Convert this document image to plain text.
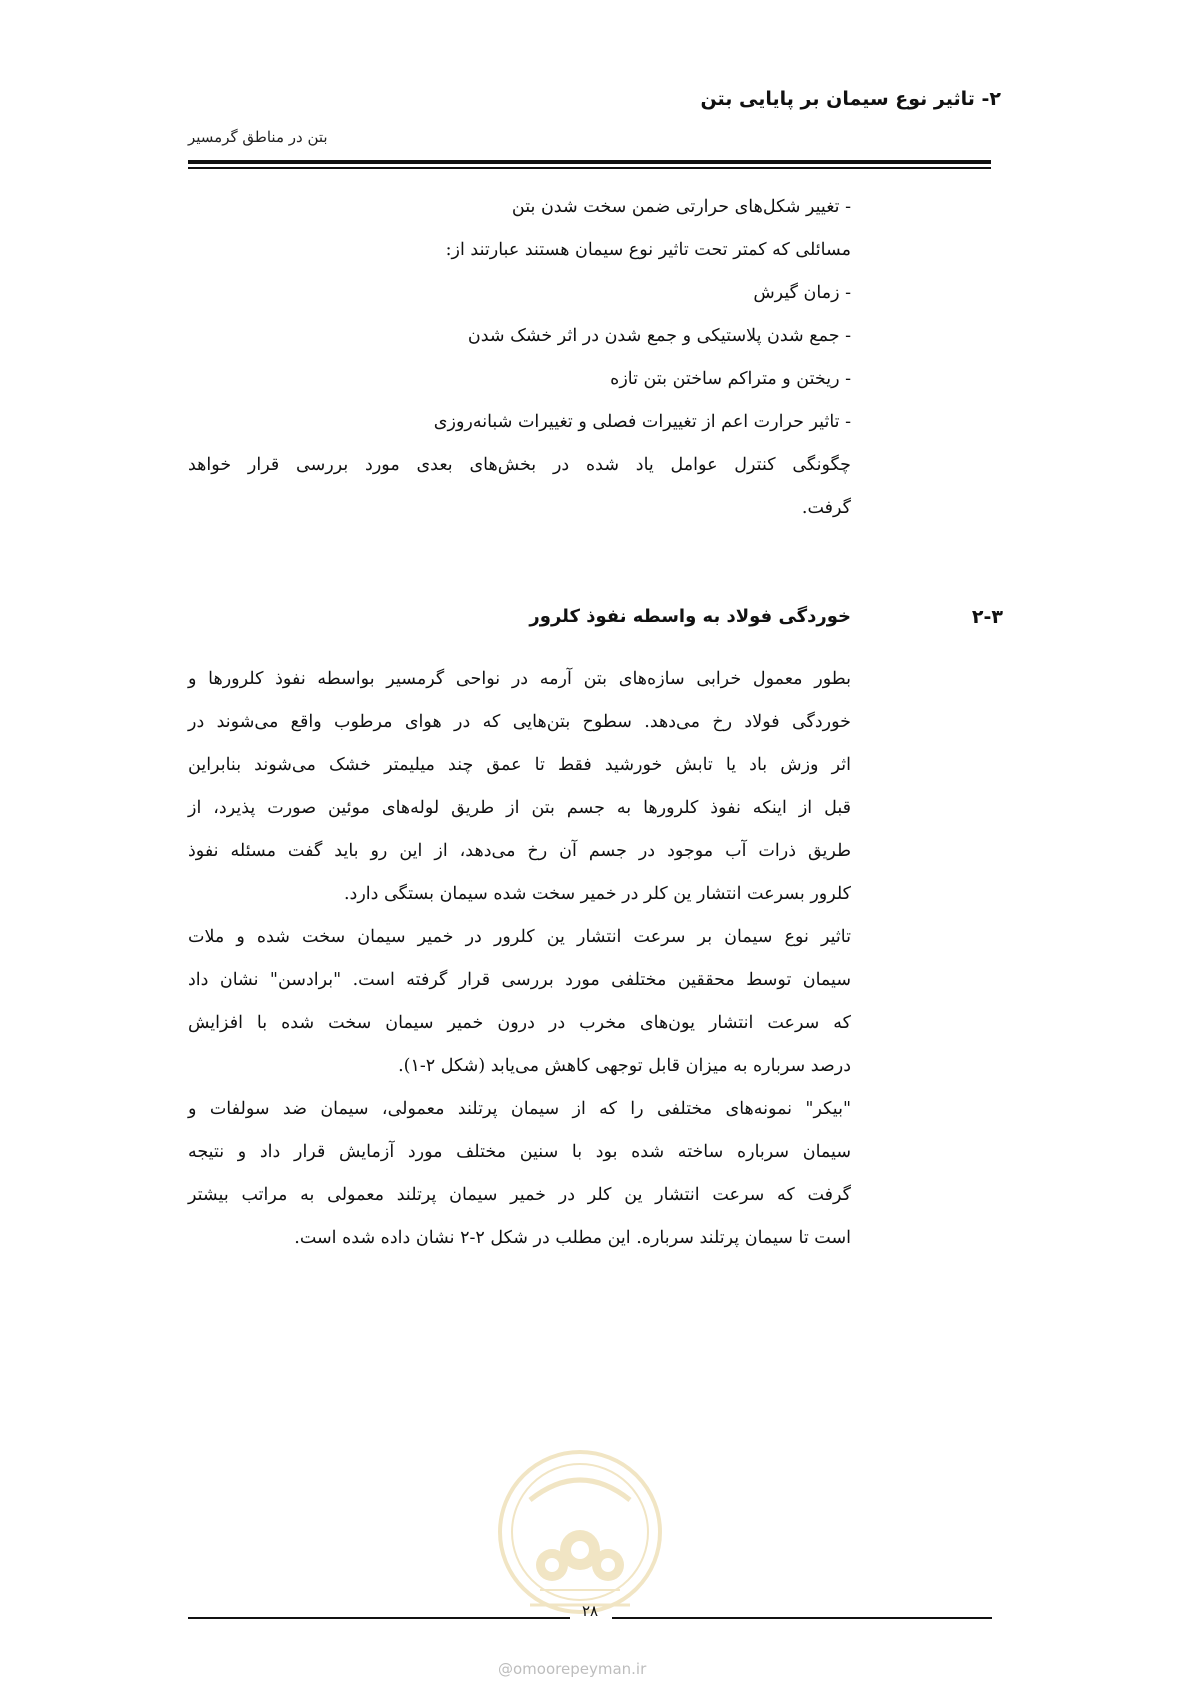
۲- تاثیر نوع سیمان بر پایایی بتن
بتن در مناطق گرمسیر
- تغییر شکل‌های حرارتی ضمن سخت شدن بتن
مسائلی که کمتر تحت تاثیر نوع سیمان هستند عبارتند از:
- زمان گیرش
- جمع شدن پلاستیکی و جمع شدن در اثر خشک شدن
- ریختن و متراکم ساختن بتن تازه
- تاثیر حرارت اعم از تغییرات فصلی و تغییرات شبانه‌روزی
چگونگی کنترل عوامل یاد شده در بخش‌های بعدی مورد بررسی قرار خواهد
گرفت.
۲-۳
خوردگی فولاد به واسطه نفوذ کلرور
بطور معمول خرابی سازه‌های بتن آرمه در نواحی گرمسیر بواسطه نفوذ کلرورها و
خوردگی فولاد رخ می‌دهد. سطوح بتن‌هایی که در هوای مرطوب واقع می‌شوند در
اثر وزش باد یا تابش خورشید فقط تا عمق چند میلیمتر خشک می‌شوند بنابراین
قبل از اینکه نفوذ کلرورها به جسم بتن از طریق لوله‌های موئین صورت پذیرد، از
طریق ذرات آب موجود در جسم آن رخ می‌دهد، از این رو باید گفت مسئله نفوذ
کلرور بسرعت انتشار ین کلر در خمیر سخت شده سیمان بستگی دارد.
تاثیر نوع سیمان بر سرعت انتشار ین کلرور در خمیر سیمان سخت شده و ملات
سیمان توسط محققین مختلفی مورد بررسی قرار گرفته است. "برادسن" نشان داد
که سرعت انتشار یون‌های مخرب در درون خمیر سیمان سخت شده با افزایش
درصد سرباره به میزان قابل توجهی کاهش می‌یابد (شکل ۲-۱).
"بیکر" نمونه‌های مختلفی را که از سیمان پرتلند معمولی، سیمان ضد سولفات و
سیمان سرباره ساخته شده بود با سنین مختلف مورد آزمایش قرار داد و نتیجه
گرفت که سرعت انتشار ین کلر در خمیر سیمان پرتلند معمولی به مراتب بیشتر
است تا سیمان پرتلند سرباره. این مطلب در شکل ۲-۲ نشان داده شده است.
۲۸
@omoorepeyman.ir
